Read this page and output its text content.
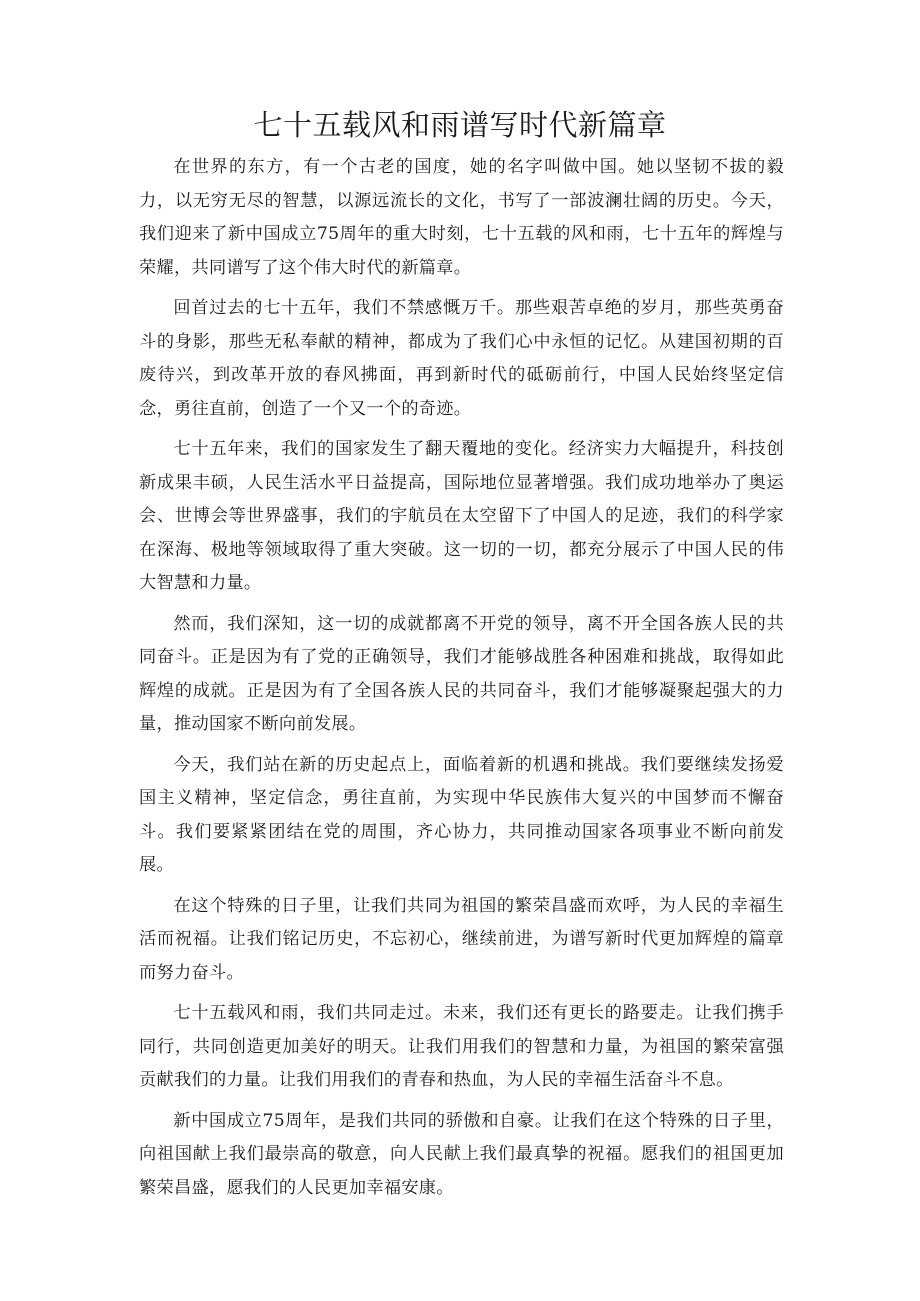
七十五载风和雨谱写时代新篇章

在世界的东方，有一个古老的国度，她的名字叫做中国。她以坚韧不拔的毅力，以无穷无尽的智慧，以源远流长的文化，书写了一部波澜壮阔的历史。今天，我们迎来了新中国成立75周年的重大时刻，七十五载的风和雨，七十五年的辉煌与荣耀，共同谱写了这个伟大时代的新篇章。

回首过去的七十五年，我们不禁感慨万千。那些艰苦卓绝的岁月，那些英勇奋斗的身影，那些无私奉献的精神，都成为了我们心中永恒的记忆。从建国初期的百废待兴，到改革开放的春风拂面，再到新时代的砥砺前行，中国人民始终坚定信念，勇往直前，创造了一个又一个的奇迹。

七十五年来，我们的国家发生了翻天覆地的变化。经济实力大幅提升，科技创新成果丰硕，人民生活水平日益提高，国际地位显著增强。我们成功地举办了奥运会、世博会等世界盛事，我们的宇航员在太空留下了中国人的足迹，我们的科学家在深海、极地等领域取得了重大突破。这一切的一切，都充分展示了中国人民的伟大智慧和力量。

然而，我们深知，这一切的成就都离不开党的领导，离不开全国各族人民的共同奋斗。正是因为有了党的正确领导，我们才能够战胜各种困难和挑战，取得如此辉煌的成就。正是因为有了全国各族人民的共同奋斗，我们才能够凝聚起强大的力量，推动国家不断向前发展。

今天，我们站在新的历史起点上，面临着新的机遇和挑战。我们要继续发扬爱国主义精神，坚定信念，勇往直前，为实现中华民族伟大复兴的中国梦而不懈奋斗。我们要紧紧团结在党的周围，齐心协力，共同推动国家各项事业不断向前发展。

在这个特殊的日子里，让我们共同为祖国的繁荣昌盛而欢呼，为人民的幸福生活而祝福。让我们铭记历史，不忘初心，继续前进，为谱写新时代更加辉煌的篇章而努力奋斗。

七十五载风和雨，我们共同走过。未来，我们还有更长的路要走。让我们携手同行，共同创造更加美好的明天。让我们用我们的智慧和力量，为祖国的繁荣富强贡献我们的力量。让我们用我们的青春和热血，为人民的幸福生活奋斗不息。

新中国成立75周年，是我们共同的骄傲和自豪。让我们在这个特殊的日子里，向祖国献上我们最崇高的敬意，向人民献上我们最真挚的祝福。愿我们的祖国更加繁荣昌盛，愿我们的人民更加幸福安康。
